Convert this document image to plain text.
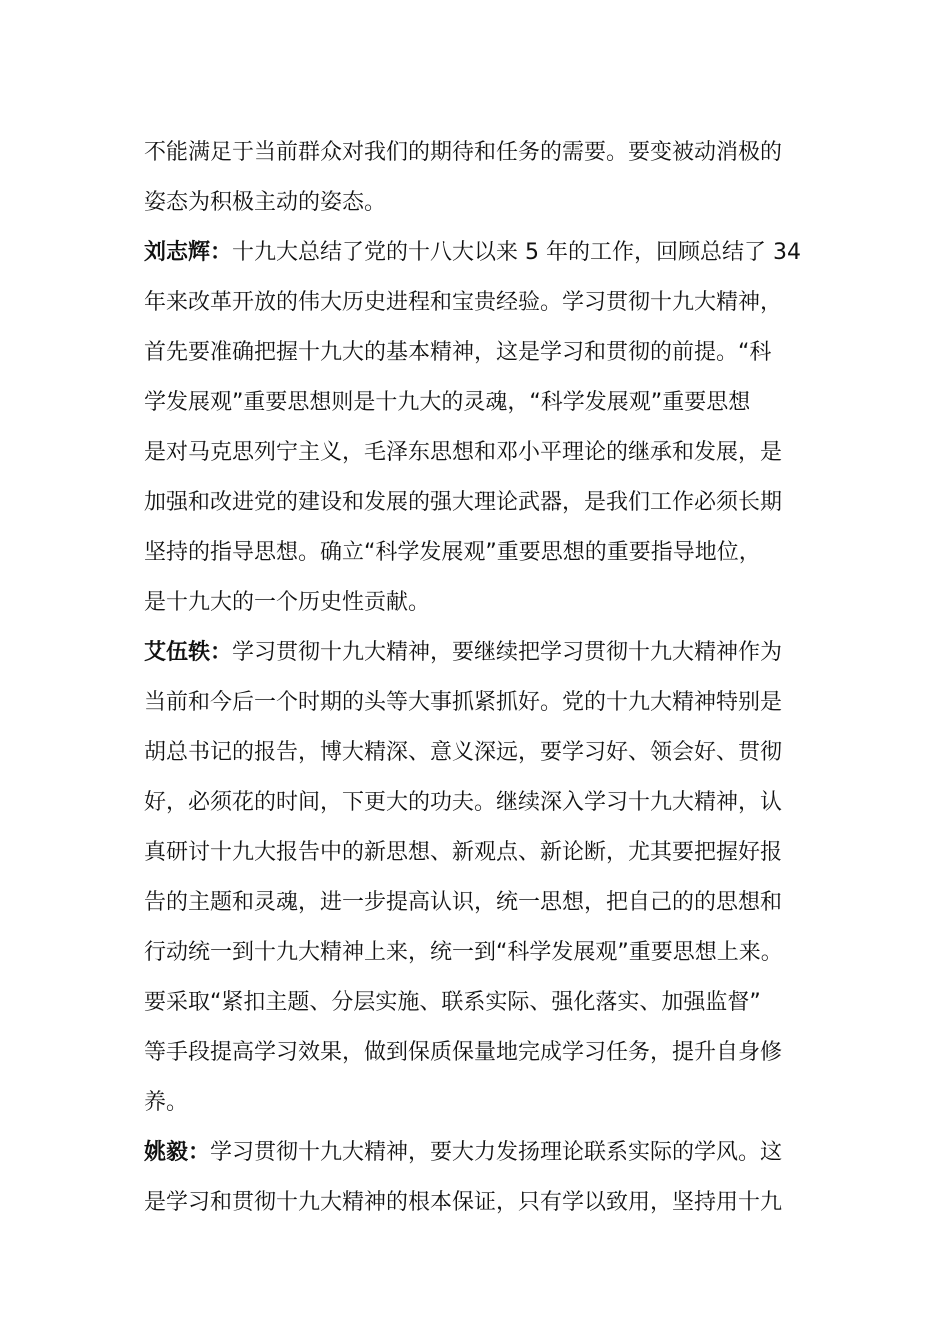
不能满足于当前群众对我们的期待和任务的需要。要变被动消极的
姿态为积极主动的姿态。
刘志辉：十九大总结了党的十八大以来 5 年的工作，回顾总结了 34
年来改革开放的伟大历史进程和宝贵经验。学习贯彻十九大精神，
首先要准确把握十九大的基本精神，这是学习和贯彻的前提。“科
学发展观”重要思想则是十九大的灵魂，“科学发展观”重要思想
是对马克思列宁主义，毛泽东思想和邓小平理论的继承和发展，是
加强和改进党的建设和发展的强大理论武器，是我们工作必须长期
坚持的指导思想。确立“科学发展观”重要思想的重要指导地位，
是十九大的一个历史性贡献。
艾伍轶：学习贯彻十九大精神，要继续把学习贯彻十九大精神作为
当前和今后一个时期的头等大事抓紧抓好。党的十九大精神特别是
胡总书记的报告，博大精深、意义深远，要学习好、领会好、贯彻
好，必须花的时间，下更大的功夫。继续深入学习十九大精神，认
真研讨十九大报告中的新思想、新观点、新论断，尤其要把握好报
告的主题和灵魂，进一步提高认识，统一思想，把自己的的思想和
行动统一到十九大精神上来，统一到“科学发展观”重要思想上来。
要采取“紧扣主题、分层实施、联系实际、强化落实、加强监督”
等手段提高学习效果，做到保质保量地完成学习任务，提升自身修
养。
姚毅：学习贯彻十九大精神，要大力发扬理论联系实际的学风。这
是学习和贯彻十九大精神的根本保证，只有学以致用，坚持用十九
